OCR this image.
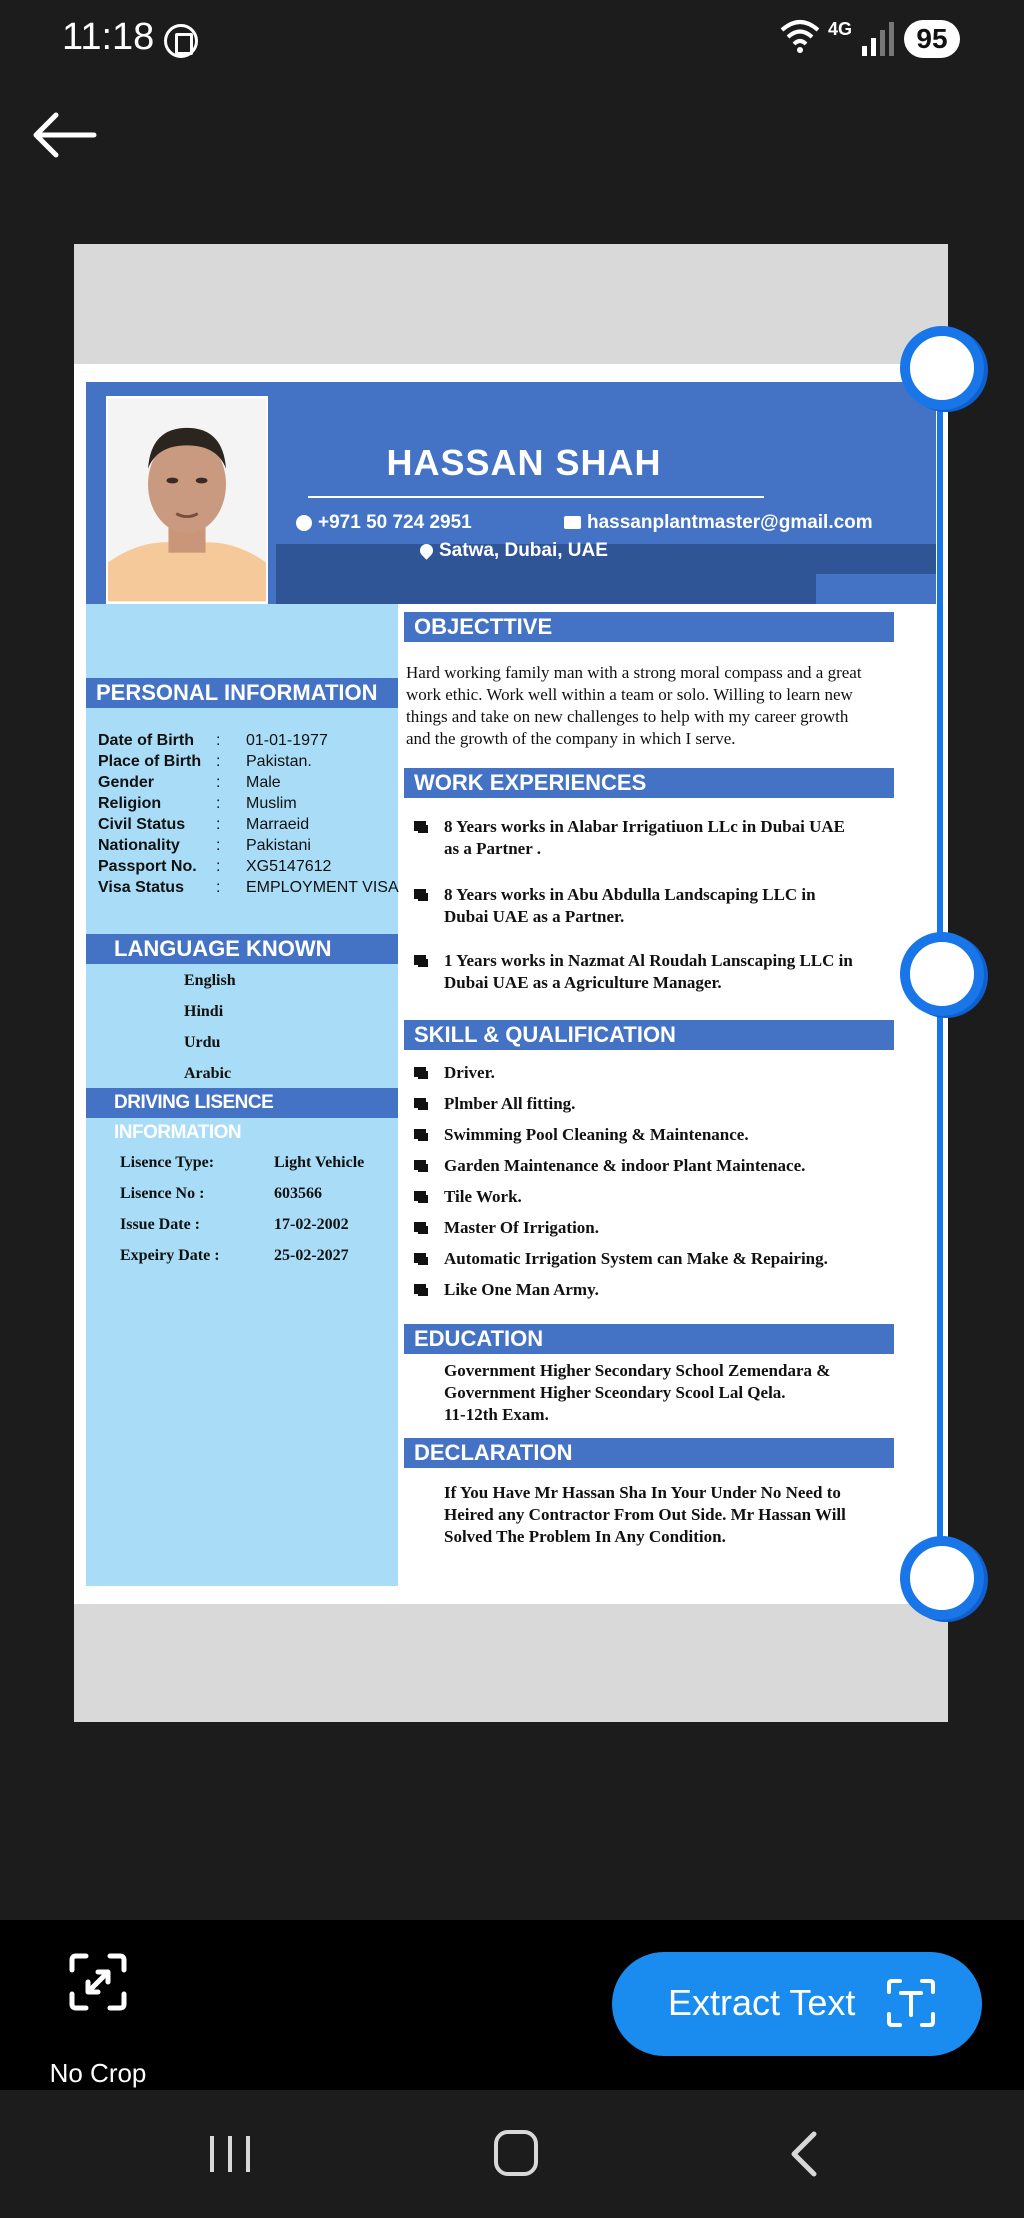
11:18	4G	95
HASSAN SHAH
+971 50 724 2951	hassanplantmaster@gmail.com
Satwa, Dubai, UAE
PERSONAL INFORMATION
Date of Birth : 01-01-1977
Place of Birth : Pakistan.
Gender	: Male
Religion	: Muslim
Civil Status : Marraeid
Nationality : Pakistani
Passport No. : XG5147612
Visa Status : EMPLOYMENT VISA
LANGUAGE KNOWN
English
Hindi
Urdu
Arabic
DRIVING LISENCE INFORMATION
Lisence Type:	Light Vehicle
Lisence No :	603566
Issue Date :	17-02-2002
Expeiry Date :	25-02-2027
OBJECTTIVE
Hard working family man with a strong moral compass and a great
work ethic. Work well within a team or solo. Willing to learn new
things and take on new challenges to help with my career growth
and the growth of the company in which I serve.
WORK EXPERIENCES
8 Years works in Alabar Irrigatiuon LLc in Dubai UAE
as a Partner .
8 Years works in Abu Abdulla Landscaping LLC in
Dubai UAE as a Partner.
1 Years works in Nazmat Al Roudah Lanscaping LLC in
Dubai UAE as a Agriculture Manager.
SKILL & QUALIFICATION
Driver.
Plmber All fitting.
Swimming Pool Cleaning & Maintenance.
Garden Maintenance & indoor Plant Maintenace.
Tile Work.
Master Of Irrigation.
Automatic Irrigation System can Make & Repairing.
Like One Man Army.
EDUCATION
Government Higher Secondary School Zemendara &
Government Higher Sceondary Scool Lal Qela.
11-12th Exam.
DECLARATION
If You Have Mr Hassan Sha In Your Under No Need to
Heired any Contractor From Out Side. Mr Hassan Will
Solved The Problem In Any Condition.
No Crop
Extract Text
